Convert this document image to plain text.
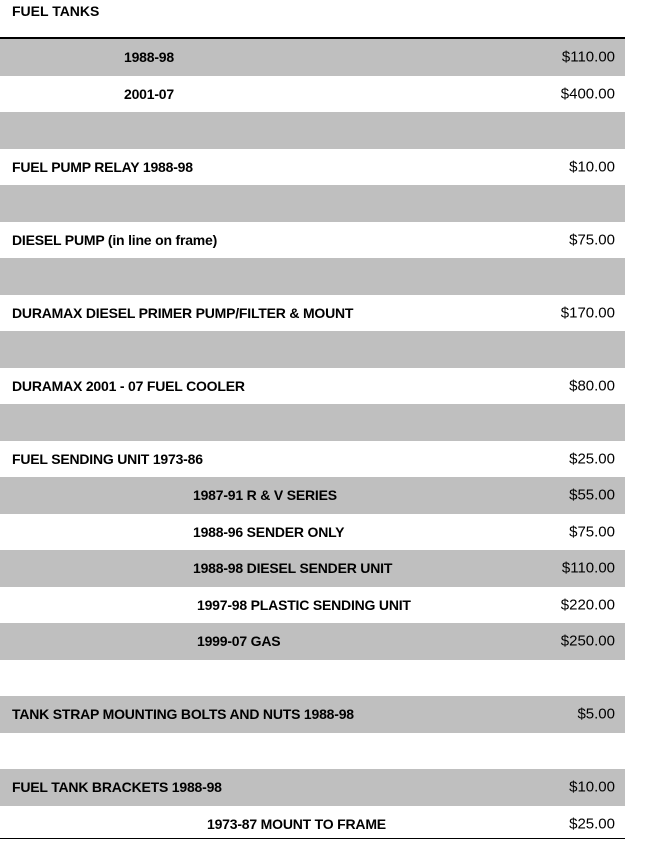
FUEL TANKS
1988-98	$110.00
2001-07	$400.00
FUEL PUMP RELAY 1988-98	$10.00
DIESEL PUMP (in line on frame)	$75.00
DURAMAX DIESEL PRIMER PUMP/FILTER & MOUNT	$170.00
DURAMAX 2001 - 07 FUEL COOLER	$80.00
FUEL SENDING UNIT 1973-86	$25.00
1987-91 R & V SERIES	$55.00
1988-96 SENDER ONLY	$75.00
1988-98 DIESEL SENDER UNIT	$110.00
1997-98 PLASTIC SENDING UNIT	$220.00
1999-07 GAS	$250.00
TANK STRAP MOUNTING BOLTS AND NUTS 1988-98	$5.00
FUEL TANK BRACKETS 1988-98	$10.00
1973-87 MOUNT TO FRAME	$25.00
